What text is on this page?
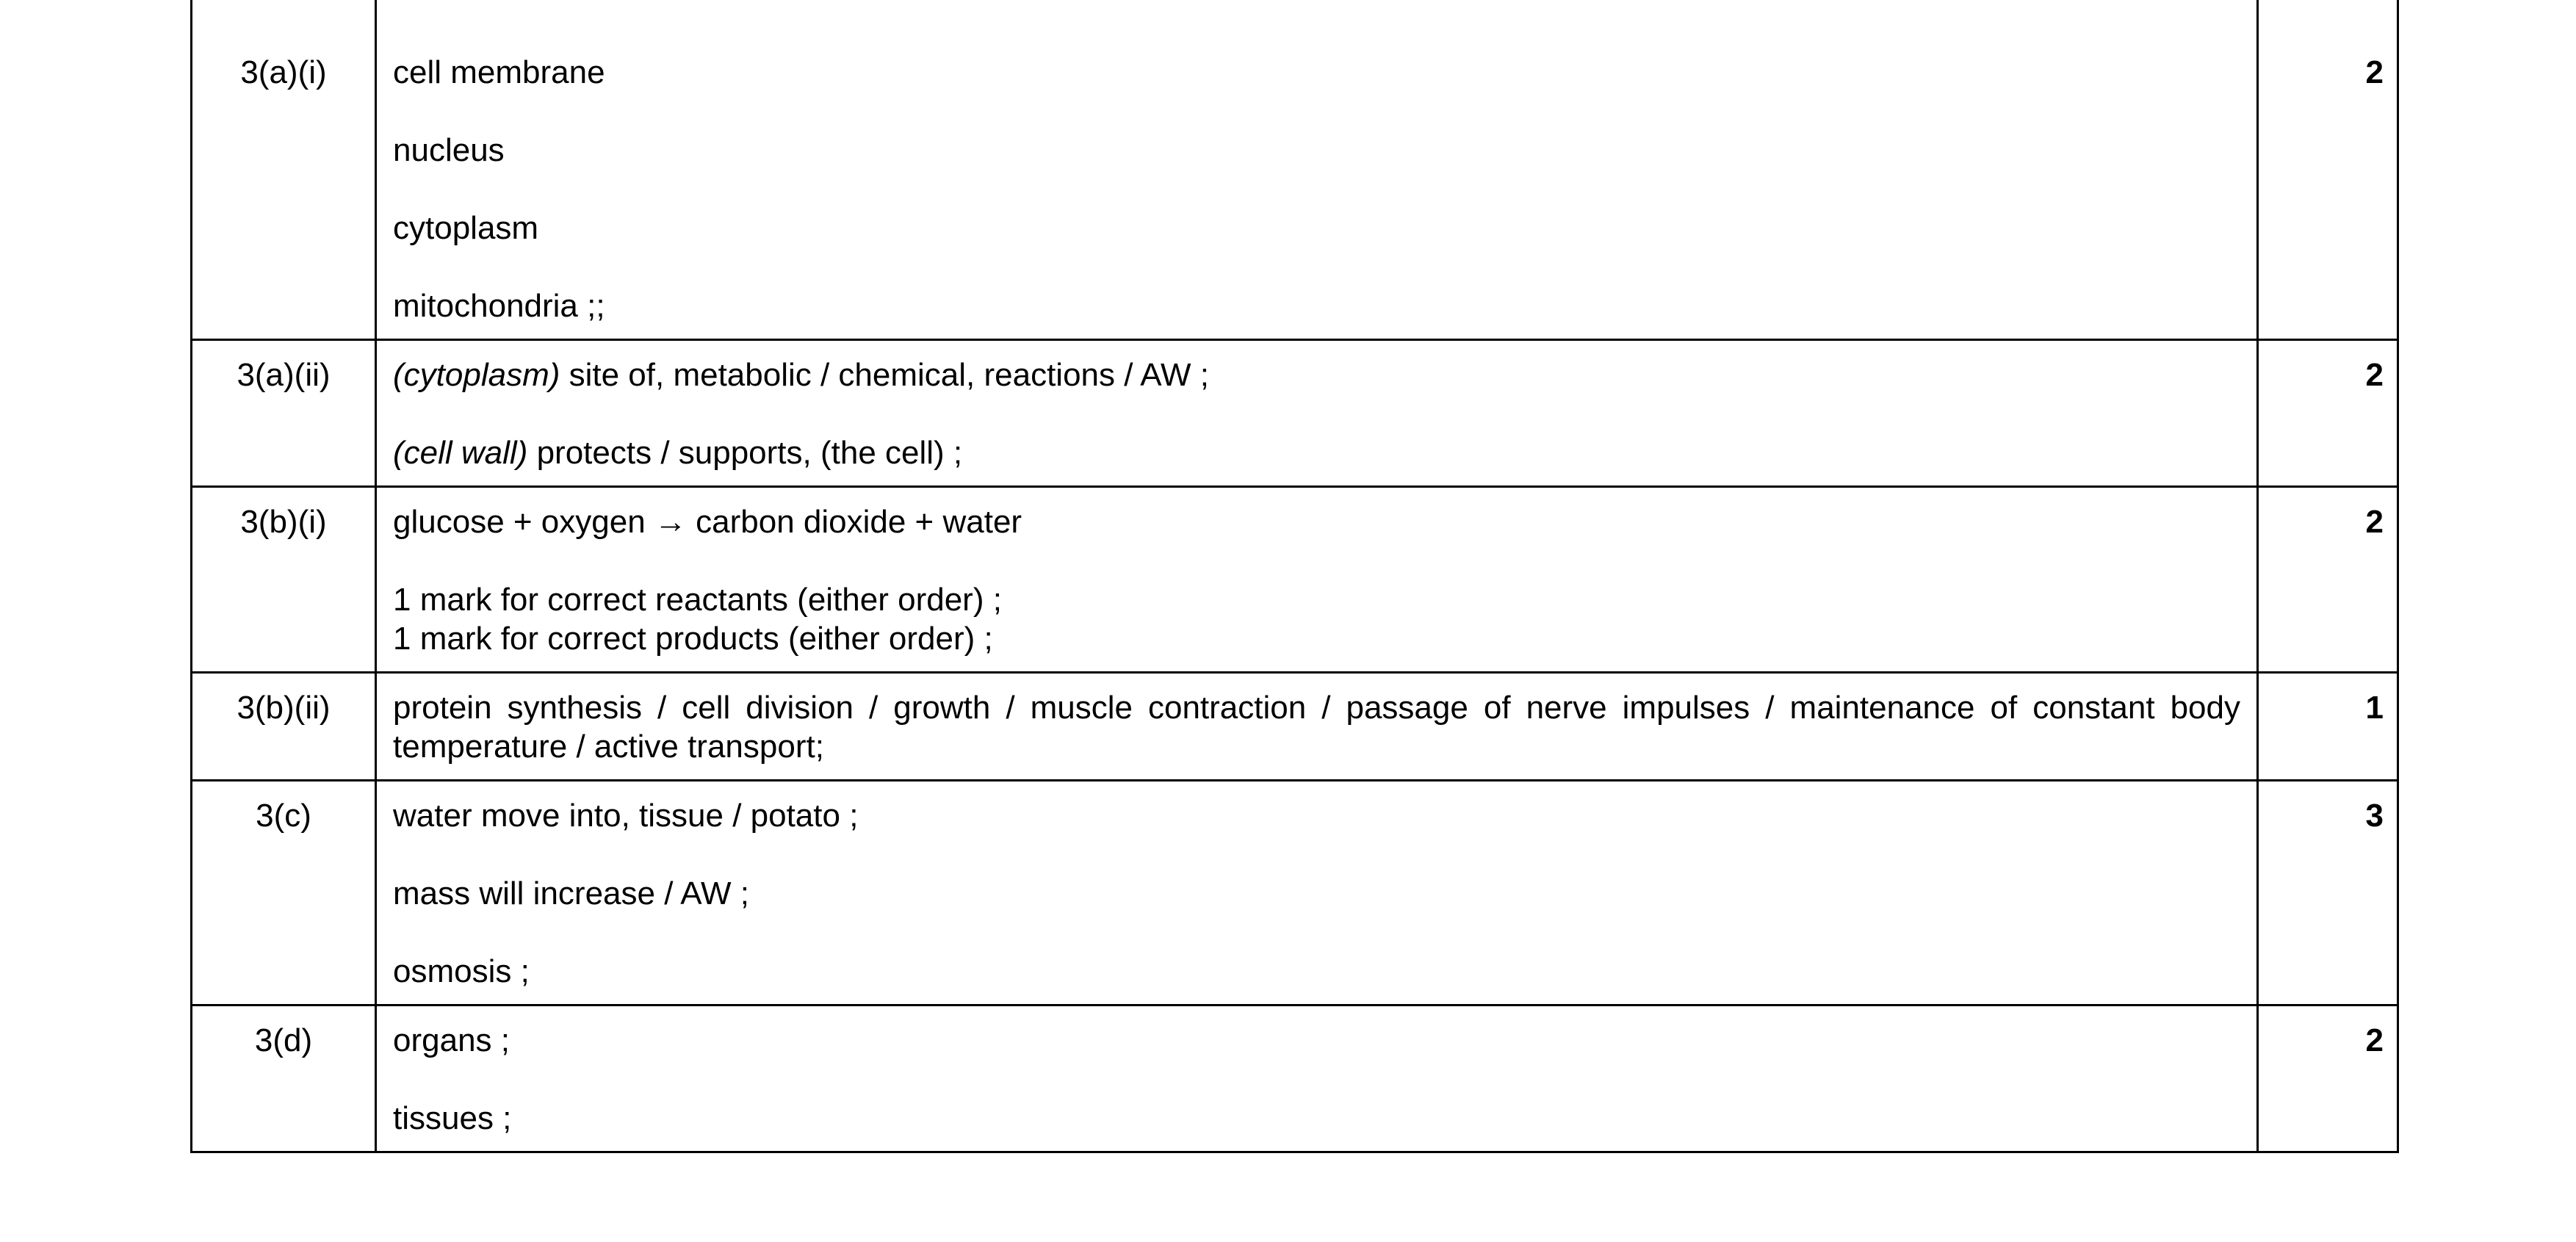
3(a)(i)	cell membrane
nucleus
cytoplasm
mitochondria ;;	2
3(a)(ii)	(cytoplasm) site of, metabolic / chemical, reactions / AW ;
(cell wall) protects / supports, (the cell) ;	2
3(b)(i)	glucose + oxygen → carbon dioxide + water
1 mark for correct reactants (either order) ;
1 mark for correct products (either order) ;	2
3(b)(ii)	protein synthesis / cell division / growth / muscle contraction / passage of nerve impulses / maintenance of constant body temperature / active transport;	1
3(c)	water move into, tissue / potato ;
mass will increase / AW ;
osmosis ;	3
3(d)	organs ;
tissues ;	2
